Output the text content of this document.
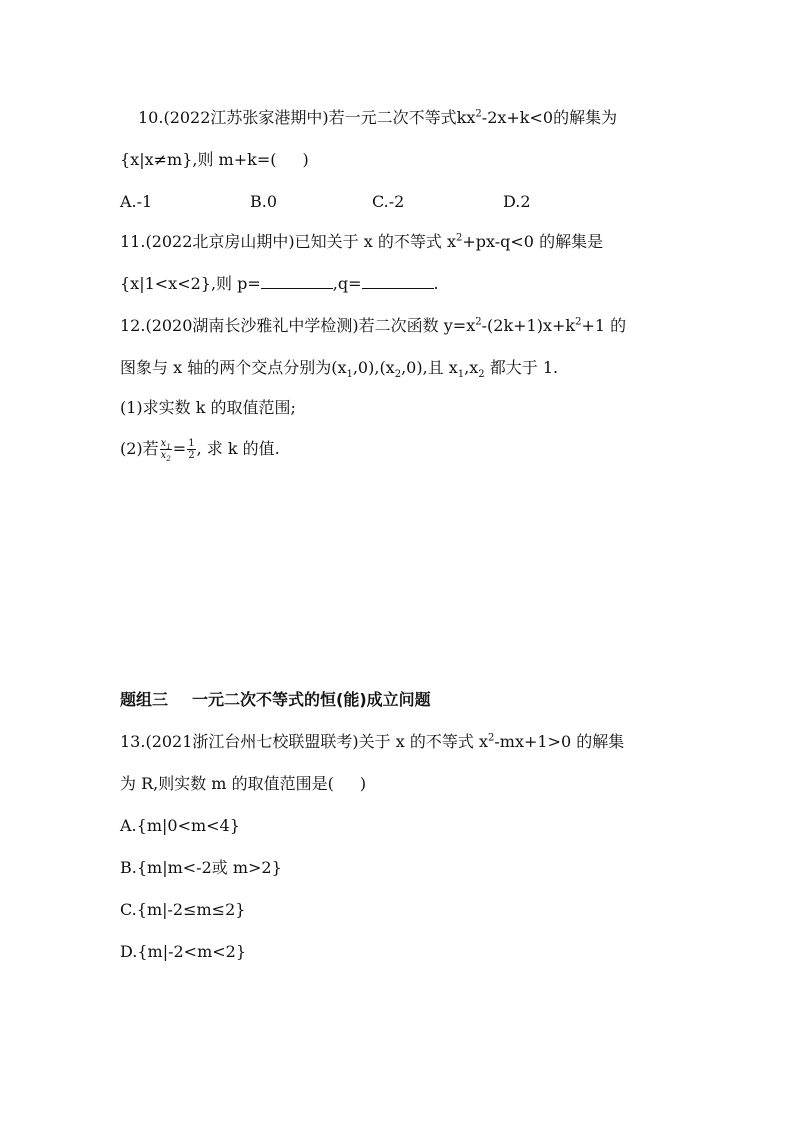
10.(2022江苏张家港期中)若一元二次不等式$kx^2-2x+k<0$的解集为
{x|x≠m},则 m+k=( )
A.-1	B.0	C.-2	D.2
11.(2022北京房山期中)已知关于 x 的不等式 $x^2+px-q<0$ 的解集是
{x|1<x<2},则 p=	,q=	.
12.(2020湖南长沙雅礼中学检测)若二次函数 $y=x^2-(2k+1)x+k^2+1$ 的
图象与 x 轴的两个交点分别为$(x_1,0),(x_2,0)$,且 $x_1,x_2$ 都大于 1.
(1)求实数 k 的取值范围;
(2)若 $\frac{x_1}{x_2} = \frac{1}{2}$ , 求 k 的值.
题组三 一元二次不等式的恒(能)成立问题
13.(2021浙江台州七校联盟联考)关于 x 的不等式 $x^2-mx+1>0$ 的解集
为 R,则实数 m 的取值范围是( )
A.{m|0<m<4}
B.{m|m<-2或 m>2}
C.{m|-2≤m≤2}
D.{m|-2<m<2}
